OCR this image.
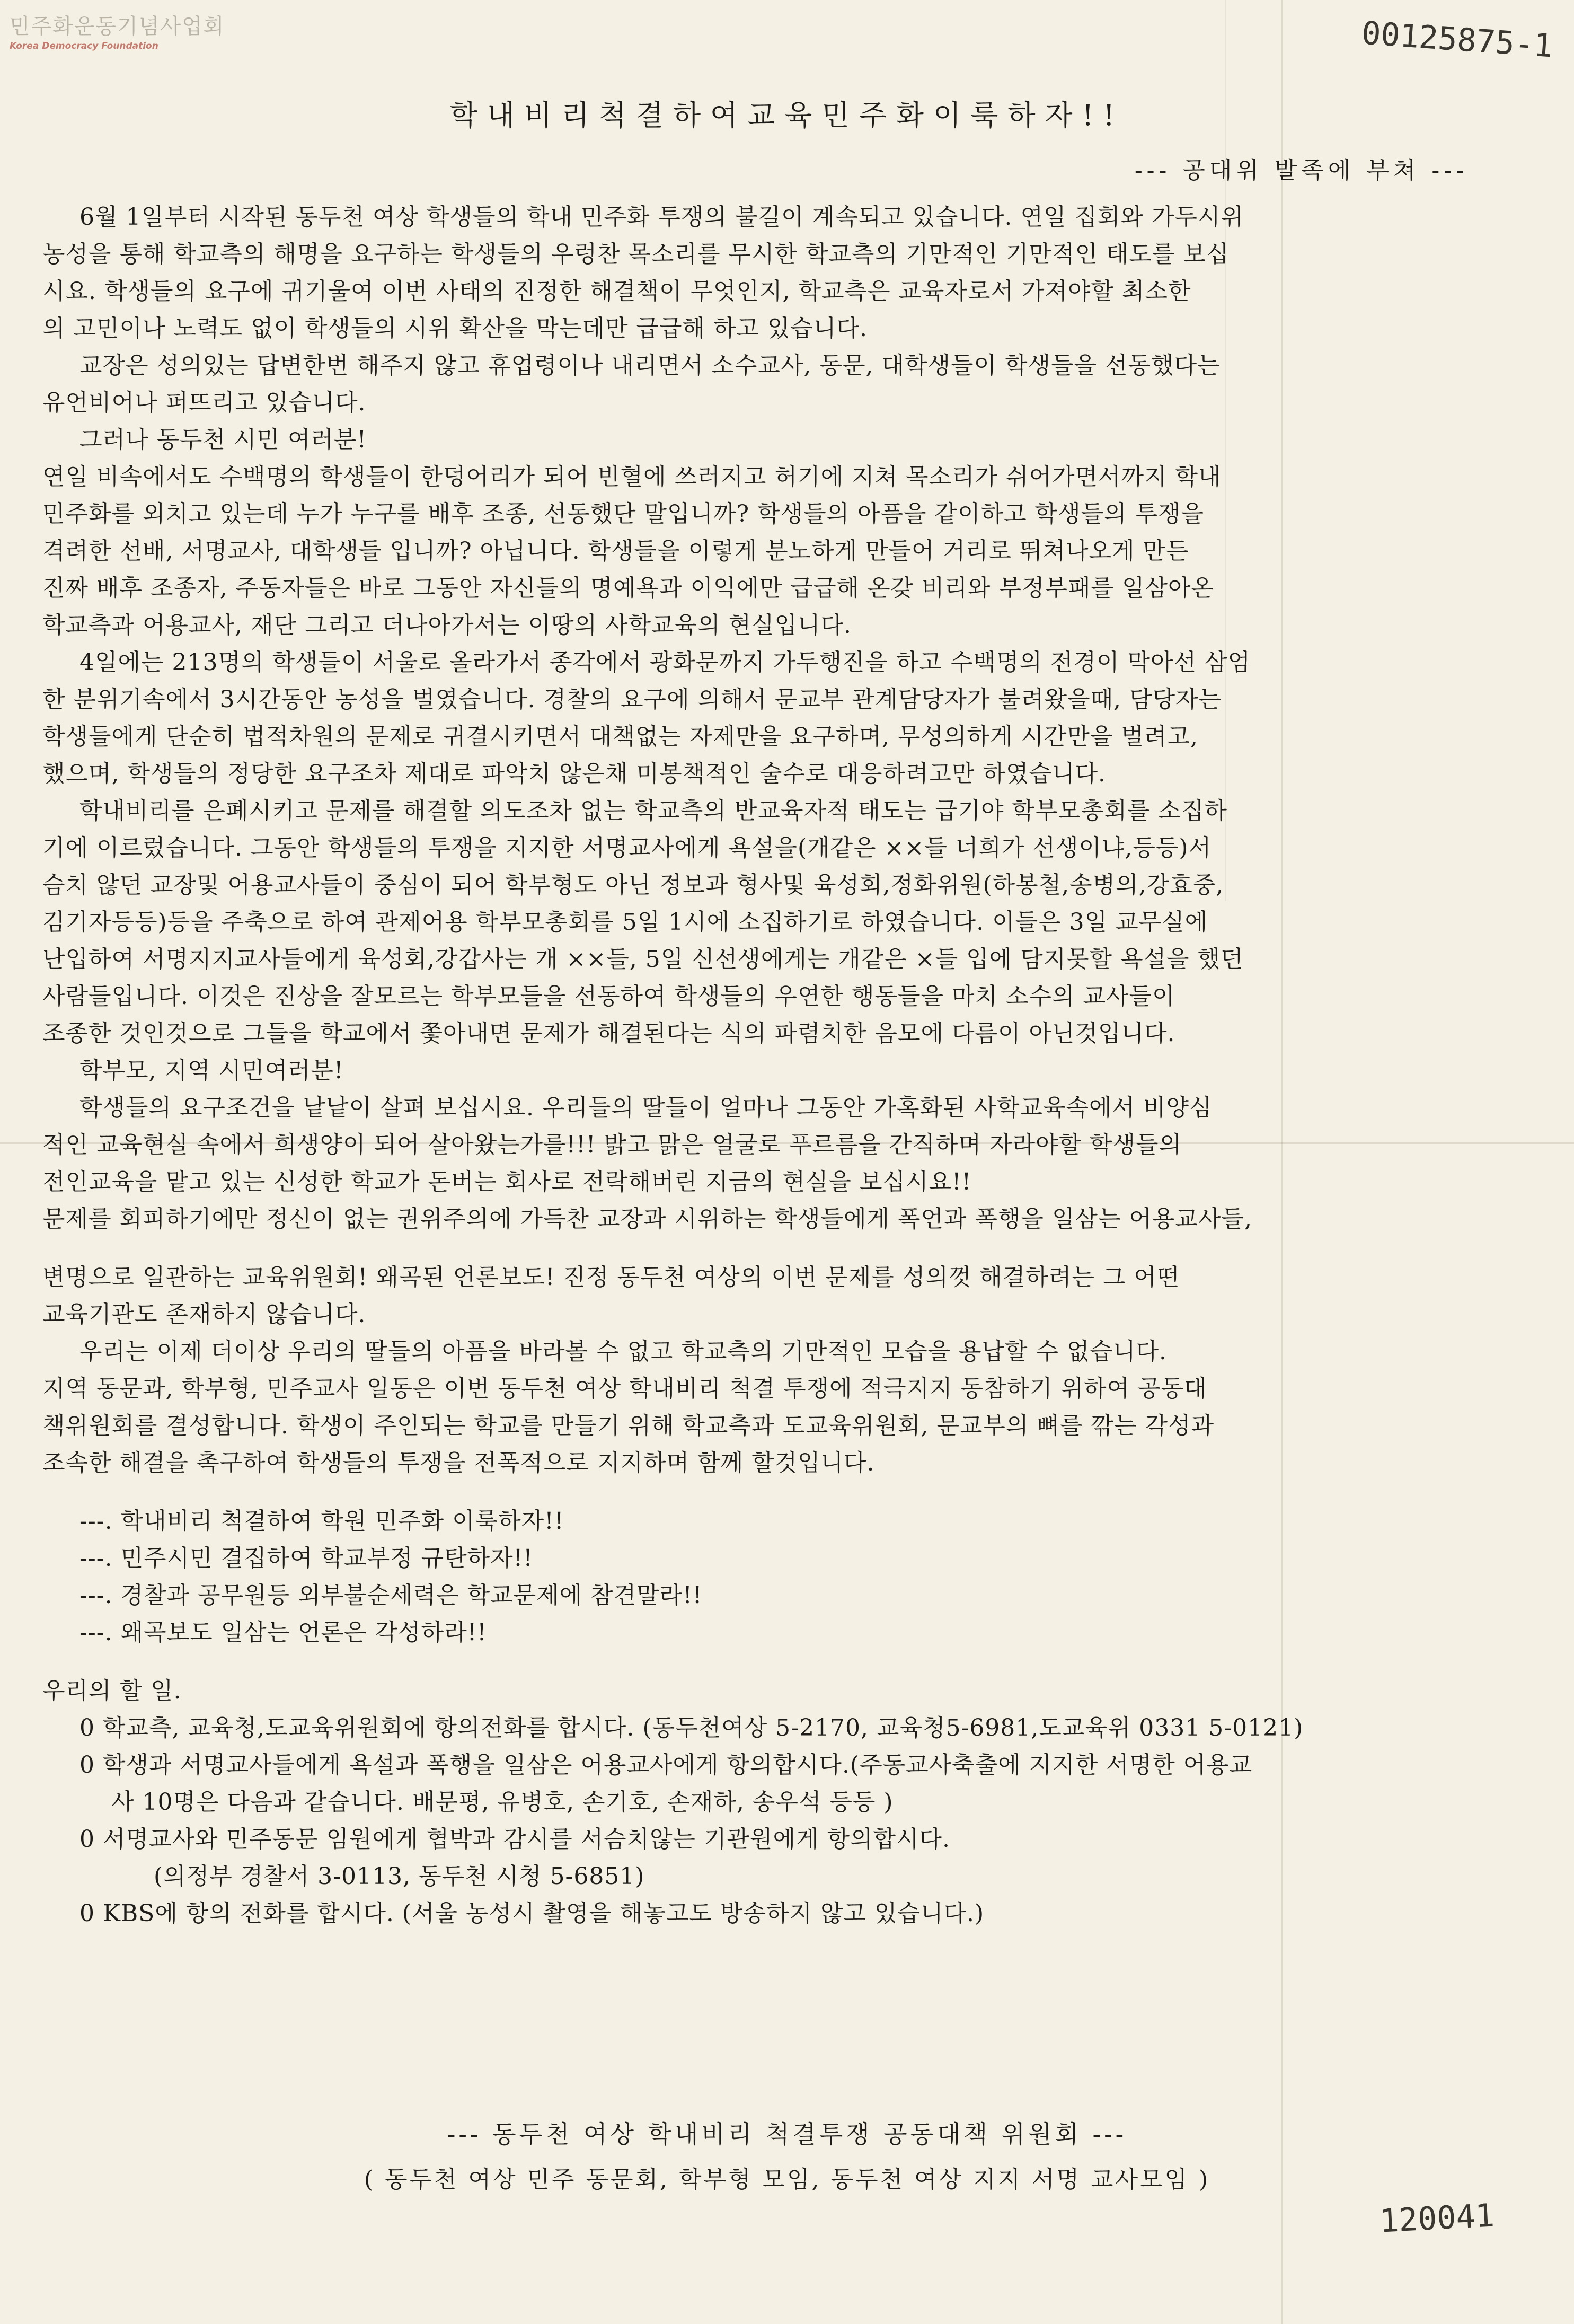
민주화운동기념사업회
Korea Democracy Foundation	00125875-1
학내비리척결하여교육민주화이룩하자!!
--- 공대위 발족에 부쳐 ---
6월 1일부터 시작된 동두천 여상 학생들의 학내 민주화 투쟁의 불길이 계속되고 있습니다. 연일 집회와 가두시위
농성을 통해 학교측의 해명을 요구하는 학생들의 우렁찬 목소리를 무시한 학교측의 기만적인 기만적인 태도를 보십
시요. 학생들의 요구에 귀기울여 이번 사태의 진정한 해결책이 무엇인지, 학교측은 교육자로서 가져야할 최소한
의 고민이나 노력도 없이 학생들의 시위 확산을 막는데만 급급해 하고 있습니다.
교장은 성의있는 답변한번 해주지 않고 휴업령이나 내리면서 소수교사, 동문, 대학생들이 학생들을 선동했다는
유언비어나 퍼뜨리고 있습니다.
그러나 동두천 시민 여러분!
연일 비속에서도 수백명의 학생들이 한덩어리가 되어 빈혈에 쓰러지고 허기에 지쳐 목소리가 쉬어가면서까지 학내
민주화를 외치고 있는데 누가 누구를 배후 조종, 선동했단 말입니까? 학생들의 아픔을 같이하고 학생들의 투쟁을
격려한 선배, 서명교사, 대학생들 입니까? 아닙니다. 학생들을 이렇게 분노하게 만들어 거리로 뛰쳐나오게 만든
진짜 배후 조종자, 주동자들은 바로 그동안 자신들의 명예욕과 이익에만 급급해 온갖 비리와 부정부패를 일삼아온
학교측과 어용교사, 재단 그리고 더나아가서는 이땅의 사학교육의 현실입니다.
4일에는 213명의 학생들이 서울로 올라가서 종각에서 광화문까지 가두행진을 하고 수백명의 전경이 막아선 삼엄
한 분위기속에서 3시간동안 농성을 벌였습니다. 경찰의 요구에 의해서 문교부 관계담당자가 불려왔을때, 담당자는
학생들에게 단순히 법적차원의 문제로 귀결시키면서 대책없는 자제만을 요구하며, 무성의하게 시간만을 벌려고,
했으며, 학생들의 정당한 요구조차 제대로 파악치 않은채 미봉책적인 술수로 대응하려고만 하였습니다.
학내비리를 은폐시키고 문제를 해결할 의도조차 없는 학교측의 반교육자적 태도는 급기야 학부모총회를 소집하
기에 이르렀습니다. 그동안 학생들의 투쟁을 지지한 서명교사에게 욕설을(개같은 ××들 너희가 선생이냐,등등)서
슴치 않던 교장및 어용교사들이 중심이 되어 학부형도 아닌 정보과 형사및 육성회,정화위원(하봉철,송병의,강효중,
김기자등등)등을 주축으로 하여 관제어용 학부모총회를 5일 1시에 소집하기로 하였습니다. 이들은 3일 교무실에
난입하여 서명지지교사들에게 육성회,강갑사는 개 ××들, 5일 신선생에게는 개같은 ×들 입에 담지못할 욕설을 했던
사람들입니다. 이것은 진상을 잘모르는 학부모들을 선동하여 학생들의 우연한 행동들을 마치 소수의 교사들이
조종한 것인것으로 그들을 학교에서 쫓아내면 문제가 해결된다는 식의 파렴치한 음모에 다름이 아닌것입니다.
학부모, 지역 시민여러분!
학생들의 요구조건을 낱낱이 살펴 보십시요. 우리들의 딸들이 얼마나 그동안 가혹화된 사학교육속에서 비양심
적인 교육현실 속에서 희생양이 되어 살아왔는가를!!! 밝고 맑은 얼굴로 푸르름을 간직하며 자라야할 학생들의
전인교육을 맡고 있는 신성한 학교가 돈버는 회사로 전락해버린 지금의 현실을 보십시요!!
문제를 회피하기에만 정신이 없는 권위주의에 가득찬 교장과 시위하는 학생들에게 폭언과 폭행을 일삼는 어용교사들,
변명으로 일관하는 교육위원회! 왜곡된 언론보도! 진정 동두천 여상의 이번 문제를 성의껏 해결하려는 그 어떤
교육기관도 존재하지 않습니다.
우리는 이제 더이상 우리의 딸들의 아픔을 바라볼 수 없고 학교측의 기만적인 모습을 용납할 수 없습니다.
지역 동문과, 학부형, 민주교사 일동은 이번 동두천 여상 학내비리 척결 투쟁에 적극지지 동참하기 위하여 공동대
책위원회를 결성합니다. 학생이 주인되는 학교를 만들기 위해 학교측과 도교육위원회, 문교부의 뼈를 깎는 각성과
조속한 해결을 촉구하여 학생들의 투쟁을 전폭적으로 지지하며 함께 할것입니다.
---. 학내비리 척결하여 학원 민주화 이룩하자!!
---. 민주시민 결집하여 학교부정 규탄하자!!
---. 경찰과 공무원등 외부불순세력은 학교문제에 참견말라!!
---. 왜곡보도 일삼는 언론은 각성하라!!
우리의 할 일.
0 학교측, 교육청,도교육위원회에 항의전화를 합시다. (동두천여상 5-2170, 교육청5-6981,도교육위 0331 5-0121)
0 학생과 서명교사들에게 욕설과 폭행을 일삼은 어용교사에게 항의합시다.(주동교사축출에 지지한 서명한 어용교
사 10명은 다음과 같습니다. 배문평, 유병호, 손기호, 손재하, 송우석 등등 )
0 서명교사와 민주동문 임원에게 협박과 감시를 서슴치않는 기관원에게 항의합시다.
(의정부 경찰서 3-0113, 동두천 시청 5-6851)
0 KBS에 항의 전화를 합시다. (서울 농성시 촬영을 해놓고도 방송하지 않고 있습니다.)
--- 동두천 여상 학내비리 척결투쟁 공동대책 위원회 ---
( 동두천 여상 민주 동문회, 학부형 모임, 동두천 여상 지지 서명 교사모임 )
120041
